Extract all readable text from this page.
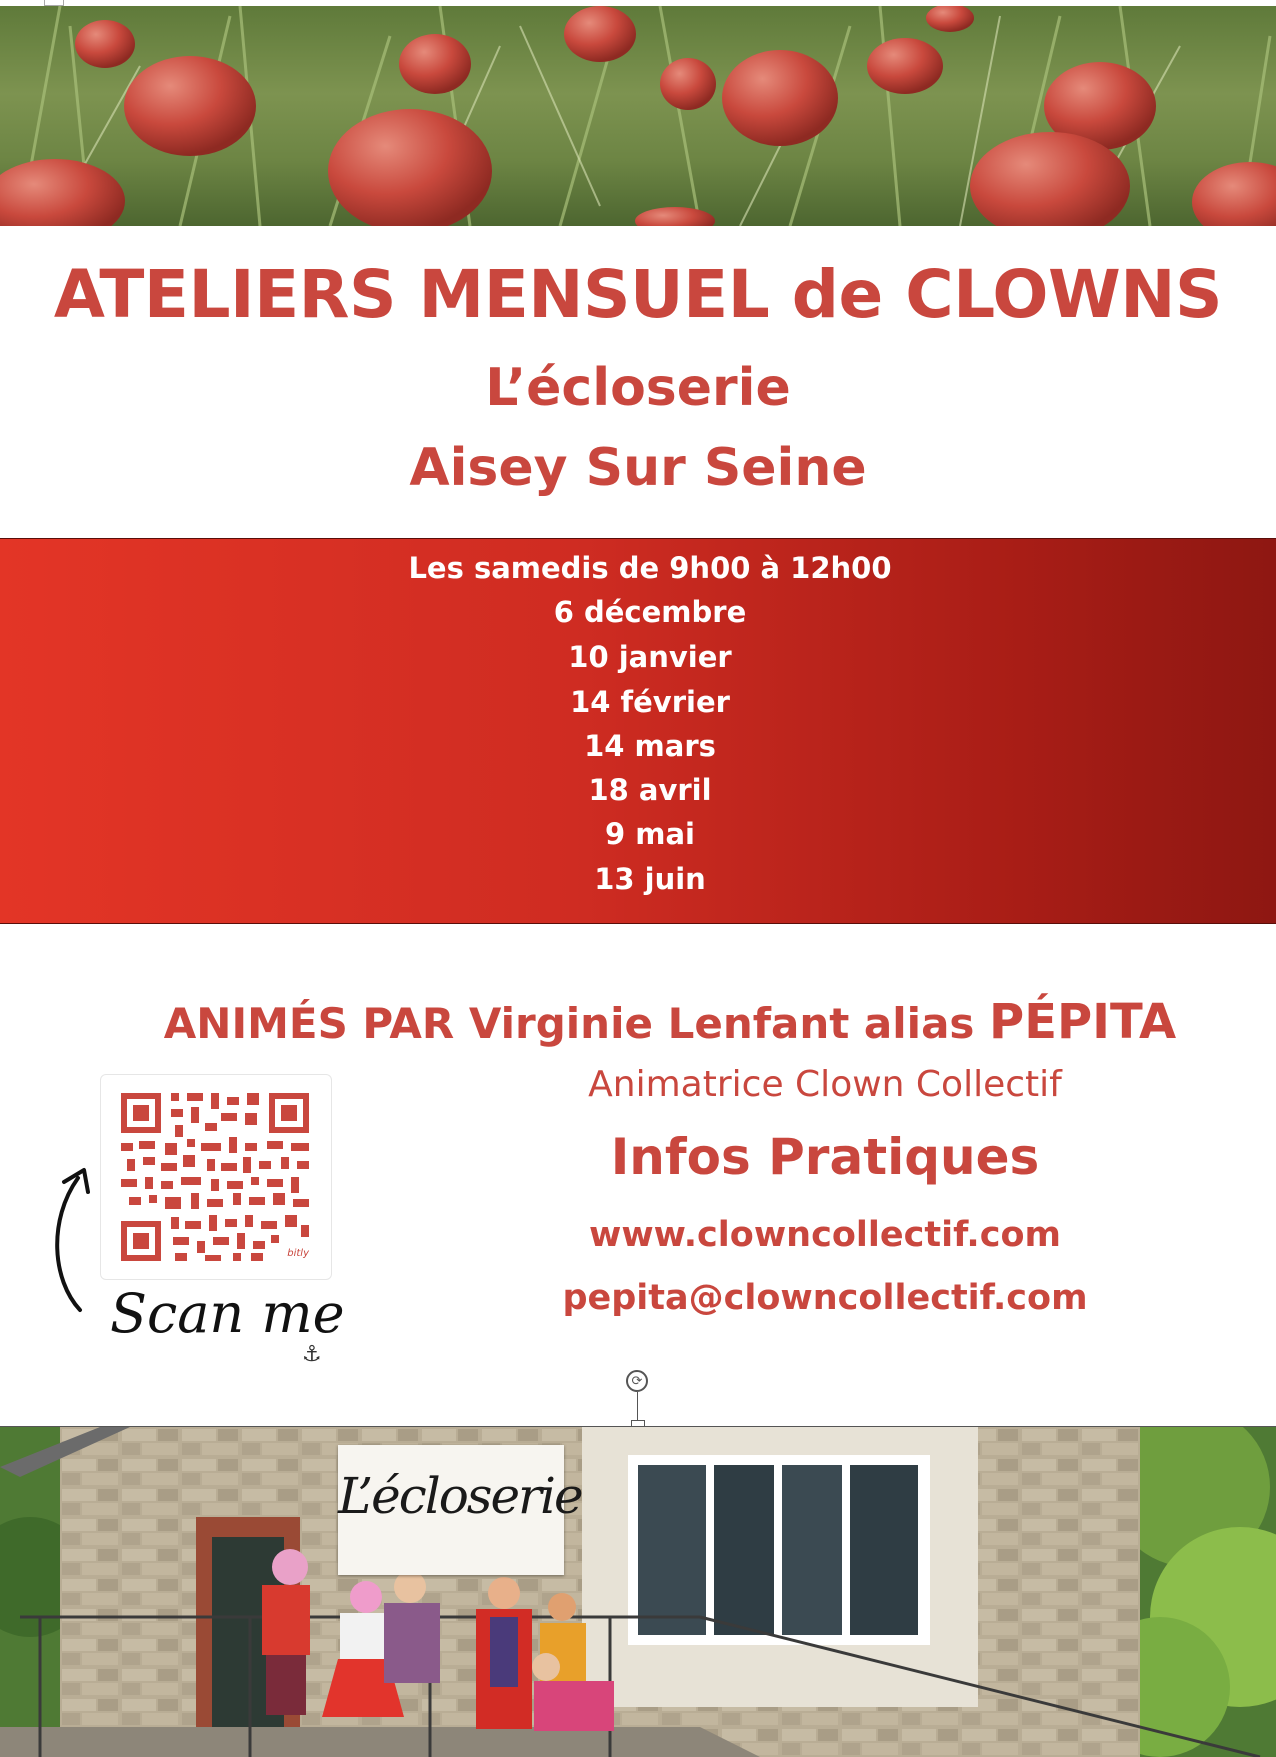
ATELIERS MENSUEL de CLOWNS
L’écloserie
Aisey Sur Seine
Les samedis de 9h00 à 12h00
6 décembre
10 janvier
14 février
14 mars
18 avril
9 mai
13 juin
ANIMÉS PAR Virginie Lenfant alias PÉPITA
Animatrice Clown Collectif
Infos Pratiques
www.clowncollectif.com
pepita@clowncollectif.com
bitly
Scan me
⚓
⟳
L’écloserie
